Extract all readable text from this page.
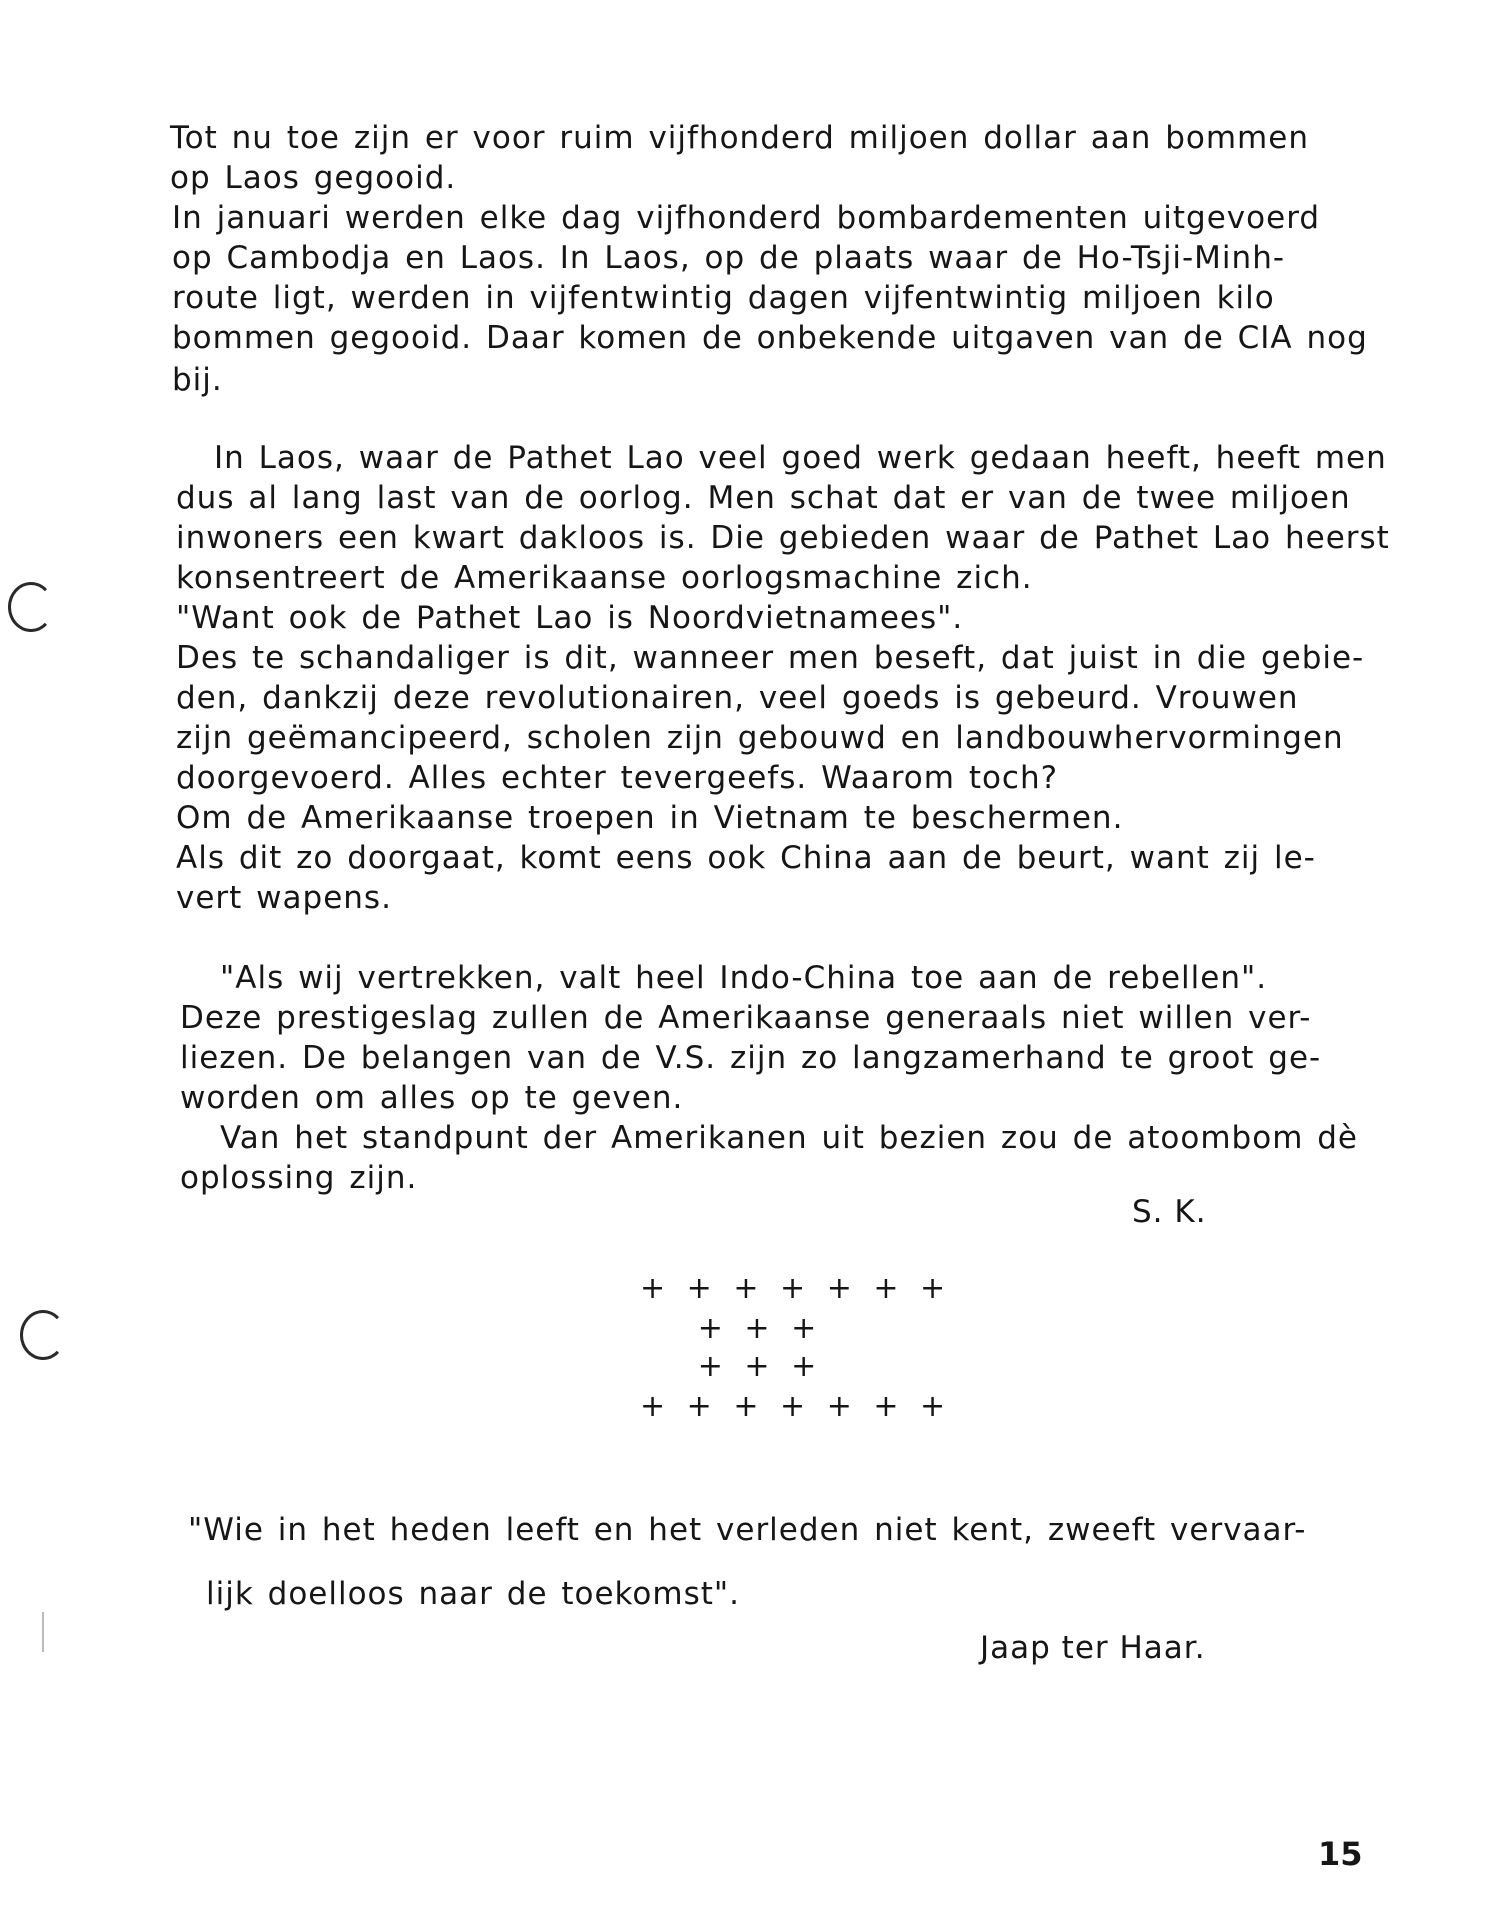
Tot nu toe zijn er voor ruim vijfhonderd miljoen dollar aan bommen
op Laos gegooid.
In januari werden elke dag vijfhonderd bombardementen uitgevoerd
op Cambodja en Laos. In Laos, op de plaats waar de Ho-Tsji-Minh-
route ligt, werden in vijfentwintig dagen vijfentwintig miljoen kilo
bommen gegooid. Daar komen de onbekende uitgaven van de CIA nog
bij.
In Laos, waar de Pathet Lao veel goed werk gedaan heeft, heeft men
dus al lang last van de oorlog. Men schat dat er van de twee miljoen
inwoners een kwart dakloos is. Die gebieden waar de Pathet Lao heerst
konsentreert de Amerikaanse oorlogsmachine zich.
"Want ook de Pathet Lao is Noordvietnamees".
Des te schandaliger is dit, wanneer men beseft, dat juist in die gebie-
den, dankzij deze revolutionairen, veel goeds is gebeurd. Vrouwen
zijn geëmancipeerd, scholen zijn gebouwd en landbouwhervormingen
doorgevoerd. Alles echter tevergeefs. Waarom toch?
Om de Amerikaanse troepen in Vietnam te beschermen.
Als dit zo doorgaat, komt eens ook China aan de beurt, want zij le-
vert wapens.
"Als wij vertrekken, valt heel Indo-China toe aan de rebellen".
Deze prestigeslag zullen de Amerikaanse generaals niet willen ver-
liezen. De belangen van de V.S. zijn zo langzamerhand te groot ge-
worden om alles op te geven.
Van het standpunt der Amerikanen uit bezien zou de atoombom dè
oplossing zijn.
S. K.
+ + + + + + +
+ + +
+ + +
+ + + + + + +
"Wie in het heden leeft en het verleden niet kent, zweeft vervaar-
lijk doelloos naar de toekomst".
Jaap ter Haar.
15
